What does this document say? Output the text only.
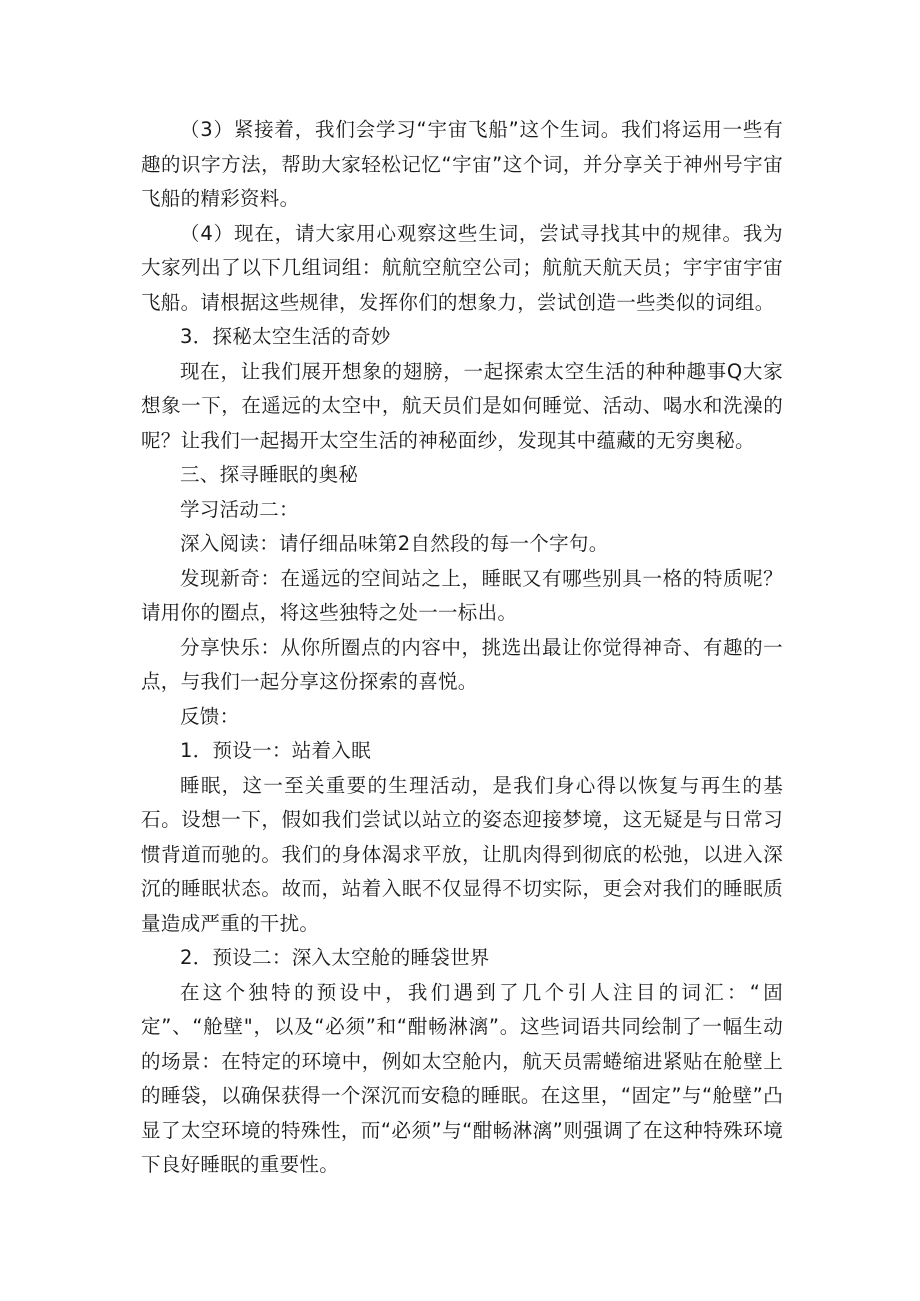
（3）紧接着，我们会学习“宇宙飞船”这个生词。我们将运用一些有趣的识字方法，帮助大家轻松记忆“宇宙”这个词，并分享关于神州号宇宙飞船的精彩资料。

（4）现在，请大家用心观察这些生词，尝试寻找其中的规律。我为大家列出了以下几组词组：航航空航空公司；航航天航天员；宇宇宙宇宙飞船。请根据这些规律，发挥你们的想象力，尝试创造一些类似的词组。

3．探秘太空生活的奇妙

现在，让我们展开想象的翅膀，一起探索太空生活的种种趣事Q大家想象一下，在遥远的太空中，航天员们是如何睡觉、活动、喝水和洗澡的呢？让我们一起揭开太空生活的神秘面纱，发现其中蕴藏的无穷奥秘。

三、探寻睡眠的奥秘

学习活动二：

深入阅读：请仔细品味第2自然段的每一个字句。

发现新奇：在遥远的空间站之上，睡眠又有哪些别具一格的特质呢？请用你的圈点，将这些独特之处一一标出。

分享快乐：从你所圈点的内容中，挑选出最让你觉得神奇、有趣的一点，与我们一起分享这份探索的喜悦。

反馈：

1．预设一：站着入眠

睡眠，这一至关重要的生理活动，是我们身心得以恢复与再生的基石。设想一下，假如我们尝试以站立的姿态迎接梦境，这无疑是与日常习惯背道而驰的。我们的身体渴求平放，让肌肉得到彻底的松弛，以进入深沉的睡眠状态。故而，站着入眠不仅显得不切实际，更会对我们的睡眠质量造成严重的干扰。

2．预设二：深入太空舱的睡袋世界

在这个独特的预设中，我们遇到了几个引人注目的词汇：“固定”、“舱壁"，以及“必须”和“酣畅淋漓”。这些词语共同绘制了一幅生动的场景：在特定的环境中，例如太空舱内，航天员需蜷缩进紧贴在舱壁上的睡袋，以确保获得一个深沉而安稳的睡眠。在这里，“固定”与“舱壁”凸显了太空环境的特殊性，而“必须”与“酣畅淋漓”则强调了在这种特殊环境下良好睡眠的重要性。
